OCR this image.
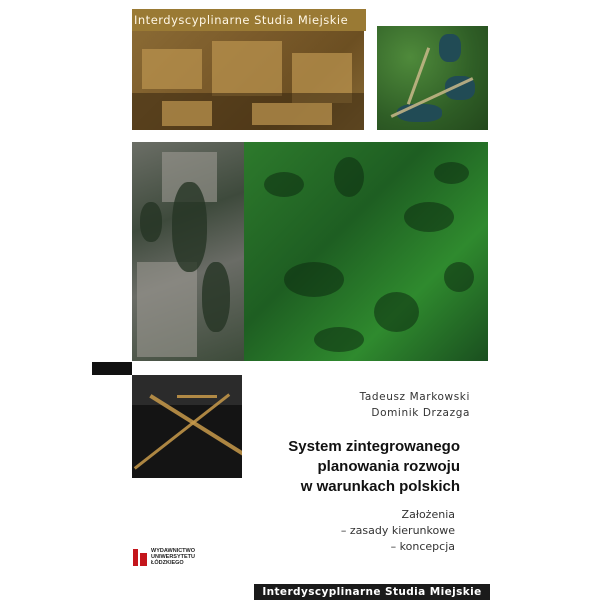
Interdyscyplinarne Studia Miejskie
Tadeusz Markowski
Dominik Drzazga
System zintegrowanego
planowania rozwoju
w warunkach polskich
Założenia
– zasady kierunkowe
– koncepcja
WYDAWNICTWO
UNIWERSYTETU
ŁÓDZKIEGO
Interdyscyplinarne Studia Miejskie
